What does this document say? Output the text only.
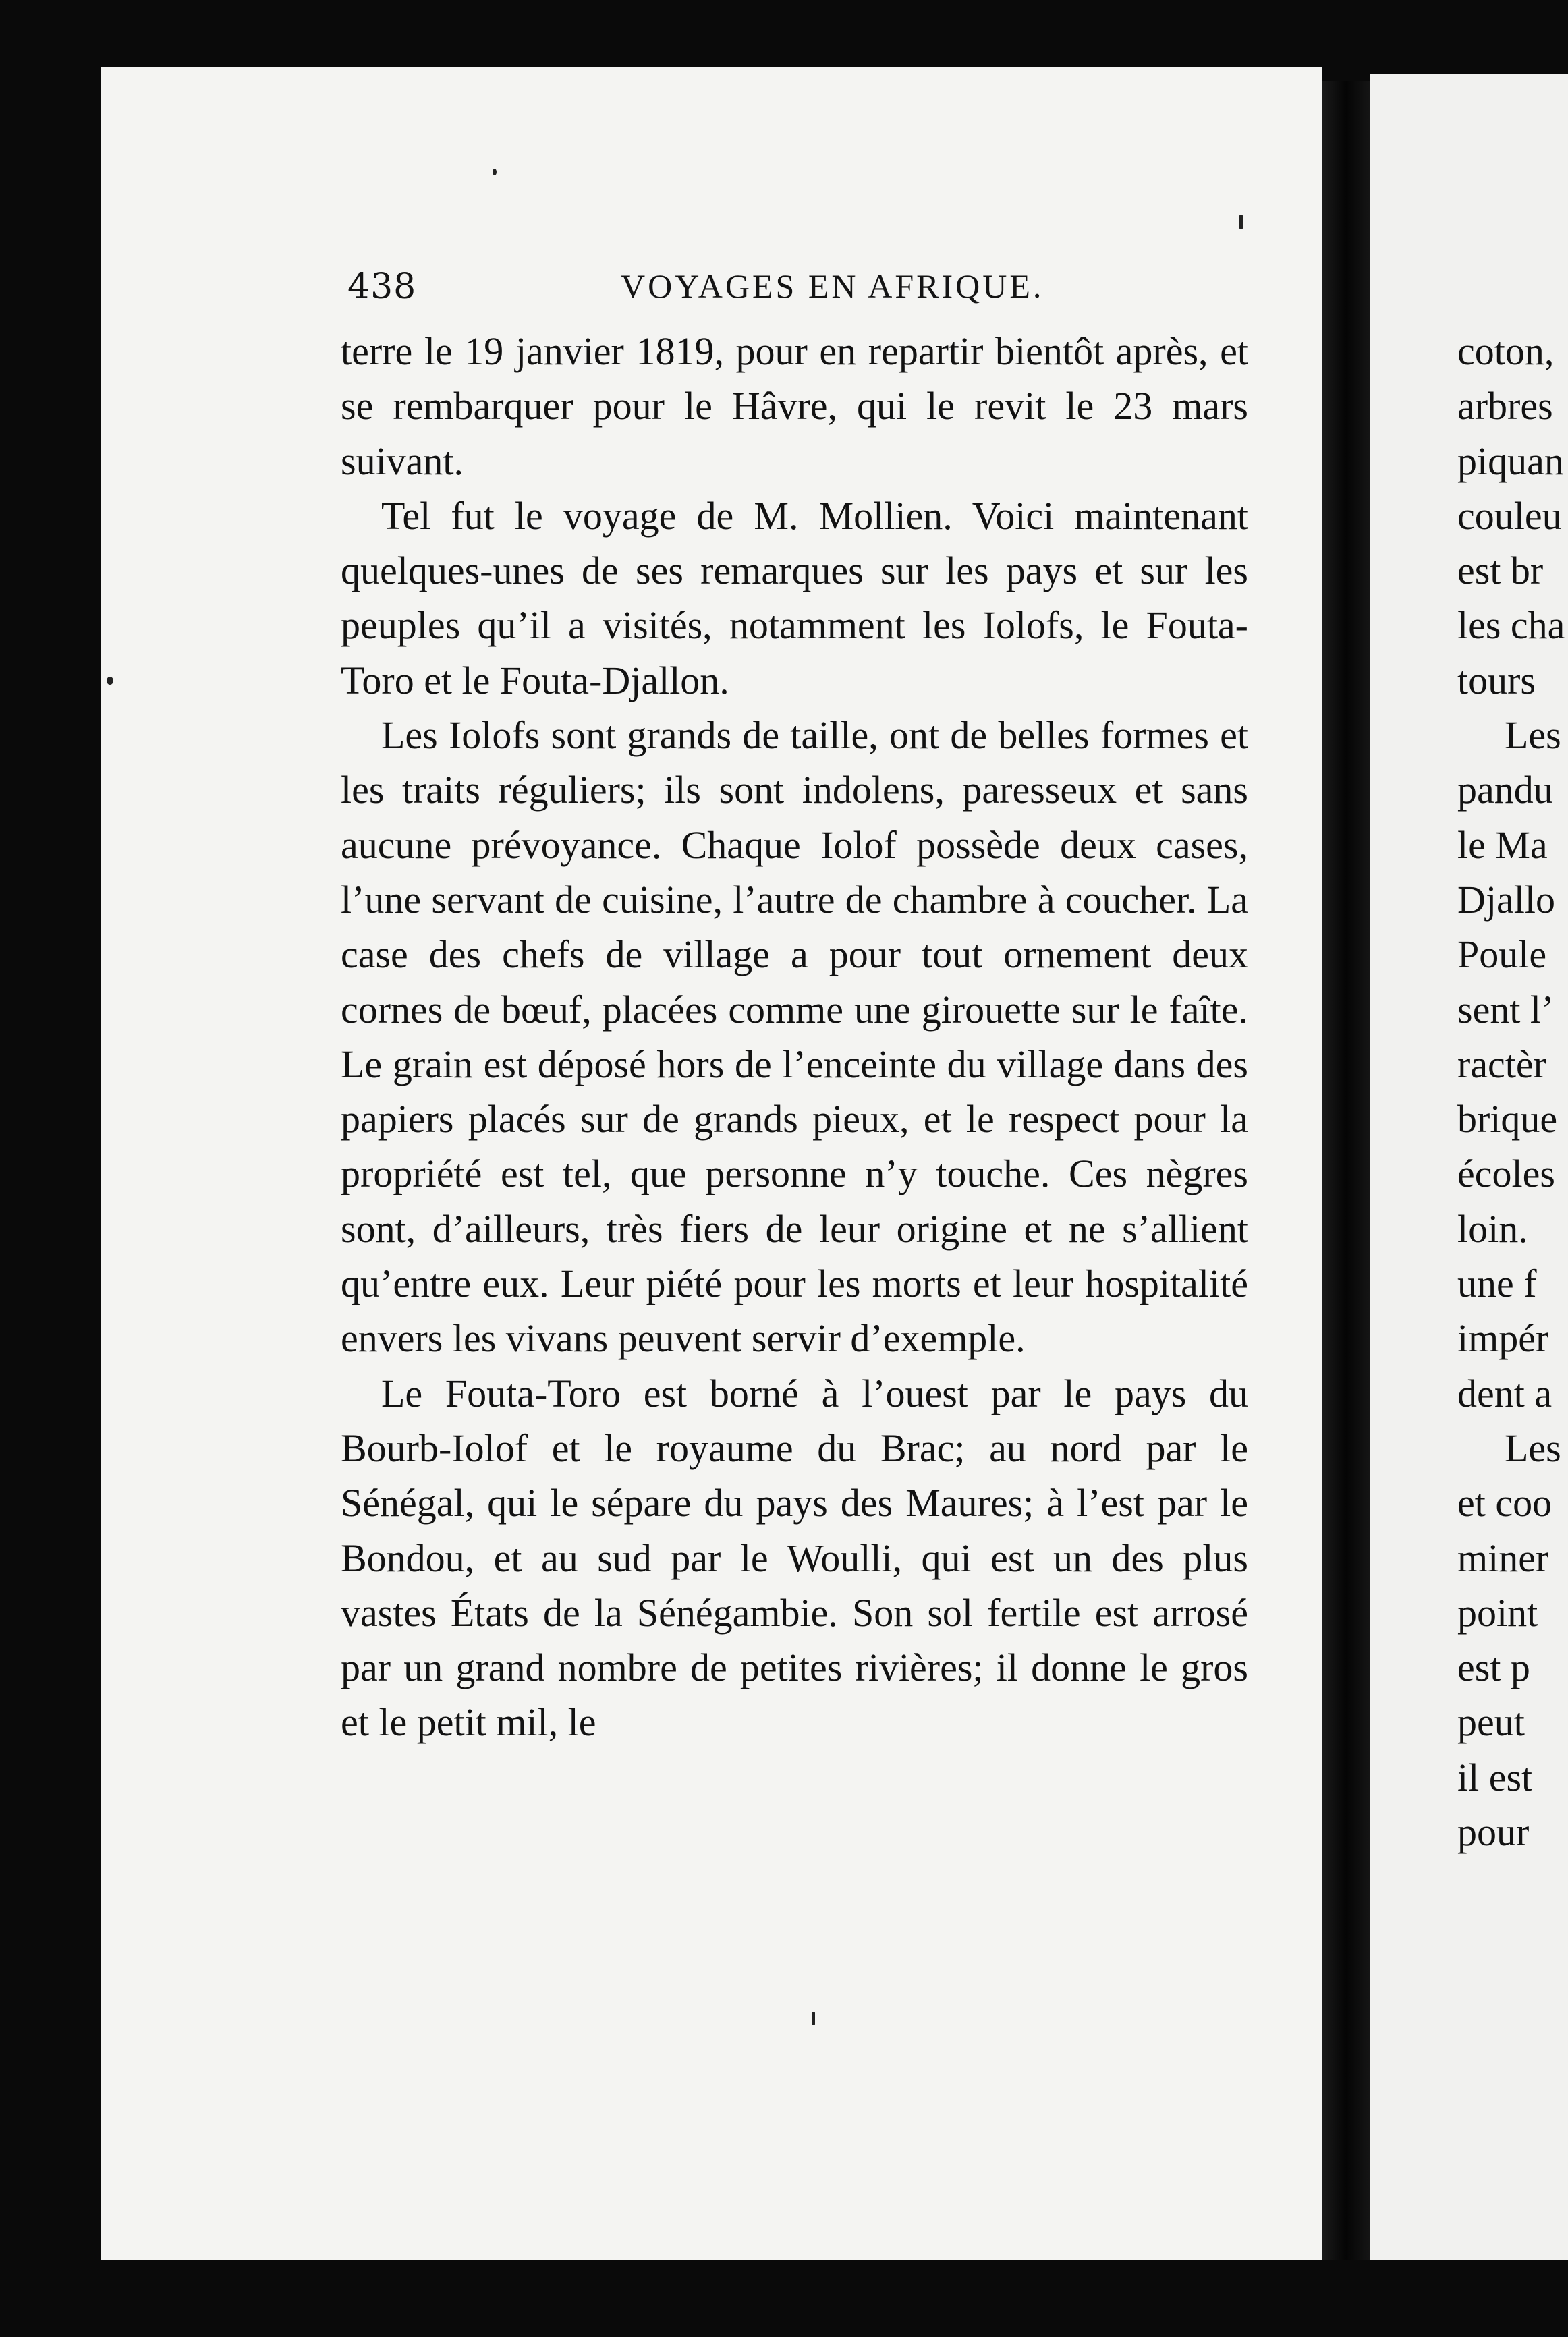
438	VOYAGES EN AFRIQUE.

terre le 19 janvier 1819, pour en repartir bientôt après, et se rembarquer pour le Hâvre, qui le revit le 23 mars suivant.

Tel fut le voyage de M. Mollien. Voici maintenant quelques-unes de ses remarques sur les pays et sur les peuples qu’il a visités, notamment les Iolofs, le Fouta-Toro et le Fouta-Djallon.

Les Iolofs sont grands de taille, ont de belles formes et les traits réguliers; ils sont indolens, paresseux et sans aucune prévoyance. Chaque Iolof possède deux cases, l’une servant de cuisine, l’autre de chambre à coucher. La case des chefs de village a pour tout ornement deux cornes de bœuf, placées comme une girouette sur le faîte. Le grain est déposé hors de l’enceinte du village dans des papiers placés sur de grands pieux, et le respect pour la propriété est tel, que personne n’y touche. Ces nègres sont, d’ailleurs, très fiers de leur origine et ne s’allient qu’entre eux. Leur piété pour les morts et leur hospitalité envers les vivans peuvent servir d’exemple.

Le Fouta-Toro est borné à l’ouest par le pays du Bourb-Iolof et le royaume du Brac; au nord par le Sénégal, qui le sépare du pays des Maures; à l’est par le Bondou, et au sud par le Woulli, qui est un des plus vastes États de la Sénégambie. Son sol fertile est arrosé par un grand nombre de petites rivières; il donne le gros et le petit mil, le

coton,
arbres
piquan
couleu
est br
les cha
tours
Les
pandu
le Ma
Djallo
Poule
sent l’
ractèr
brique
écoles
loin.
une f
impér
dent a
Les
et coo
miner
point
est p
peut
il est
pour
